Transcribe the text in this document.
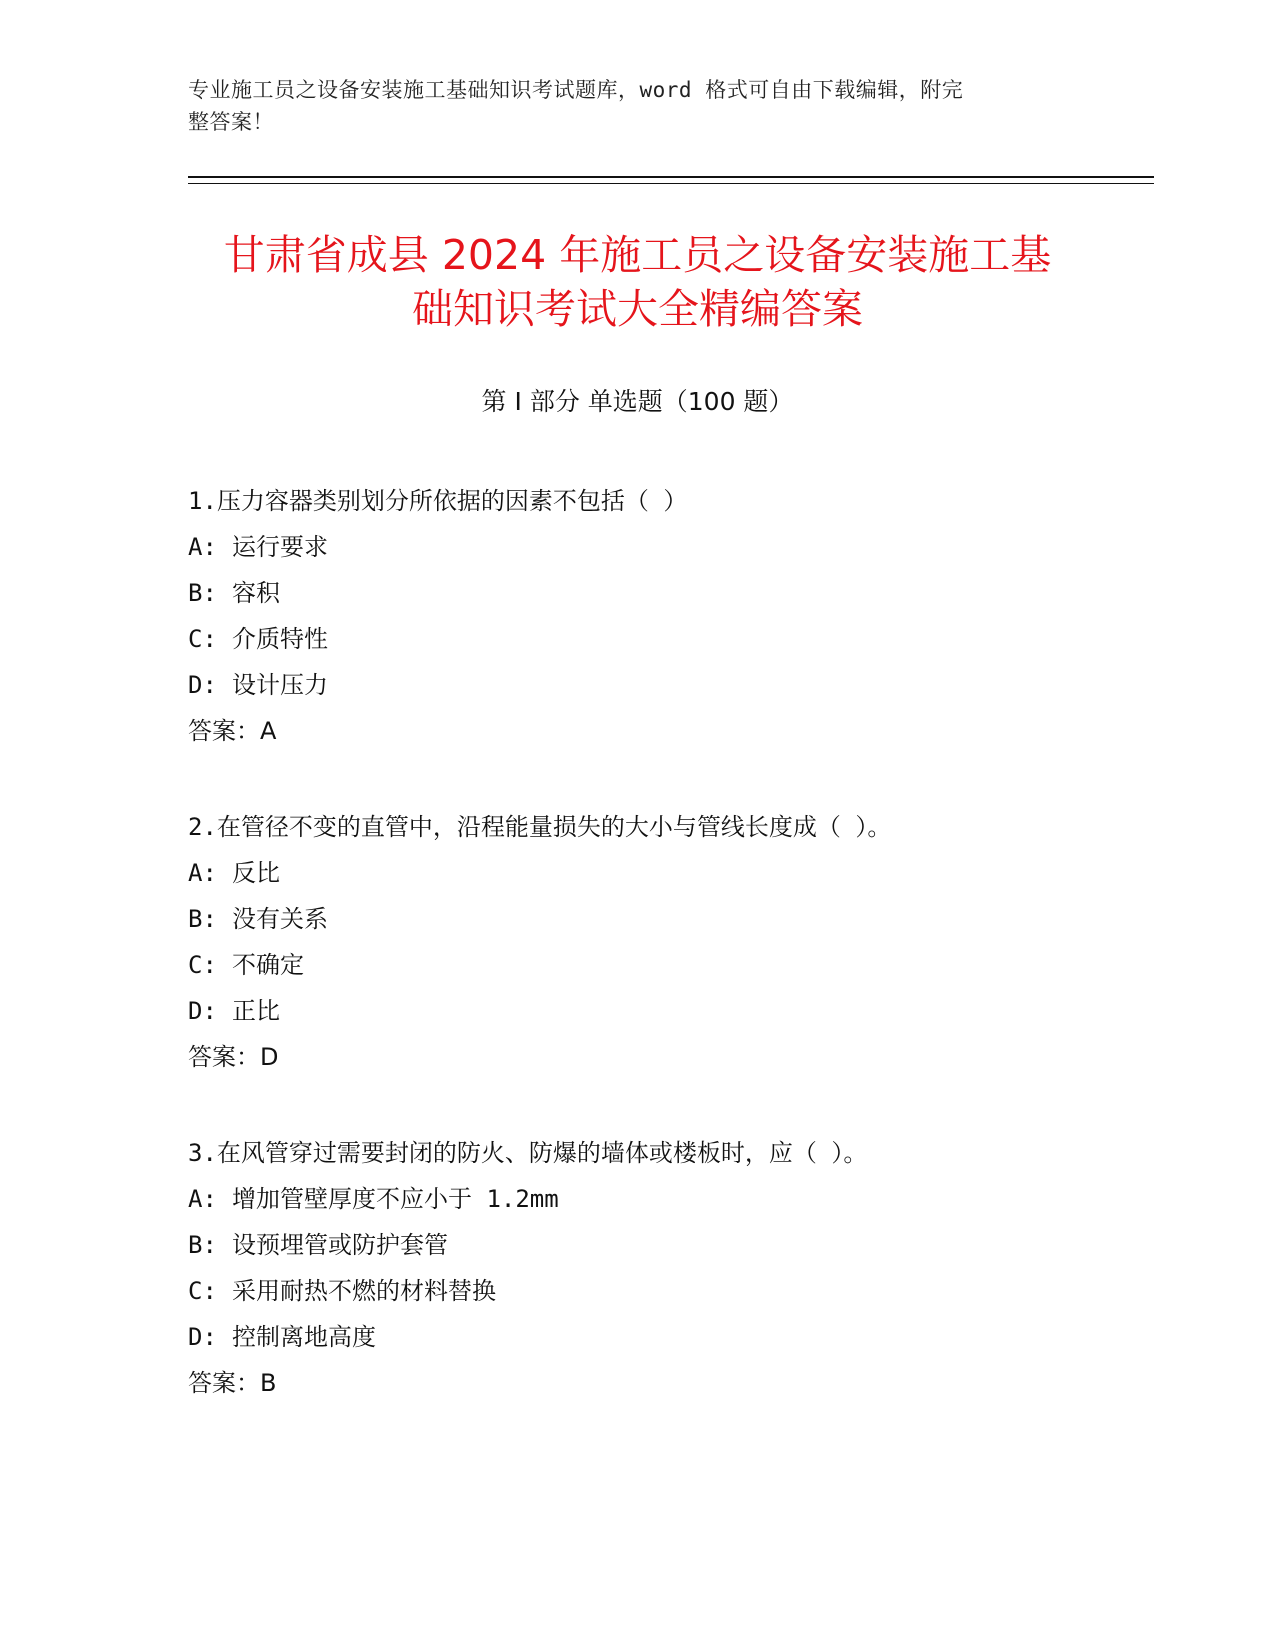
专业施工员之设备安装施工基础知识考试题库，word 格式可自由下载编辑，附完
整答案！
甘肃省成县 2024 年施工员之设备安装施工基
础知识考试大全精编答案
第 I 部分 单选题（100 题）
1.压力容器类别划分所依据的因素不包括（ ）
A: 运行要求
B: 容积
C: 介质特性
D: 设计压力
答案：A
2.在管径不变的直管中，沿程能量损失的大小与管线长度成（ ）。
A: 反比
B: 没有关系
C: 不确定
D: 正比
答案：D
3.在风管穿过需要封闭的防火、防爆的墙体或楼板时，应（ ）。
A: 增加管壁厚度不应小于 1.2mm
B: 设预埋管或防护套管
C: 采用耐热不燃的材料替换
D: 控制离地高度
答案：B
